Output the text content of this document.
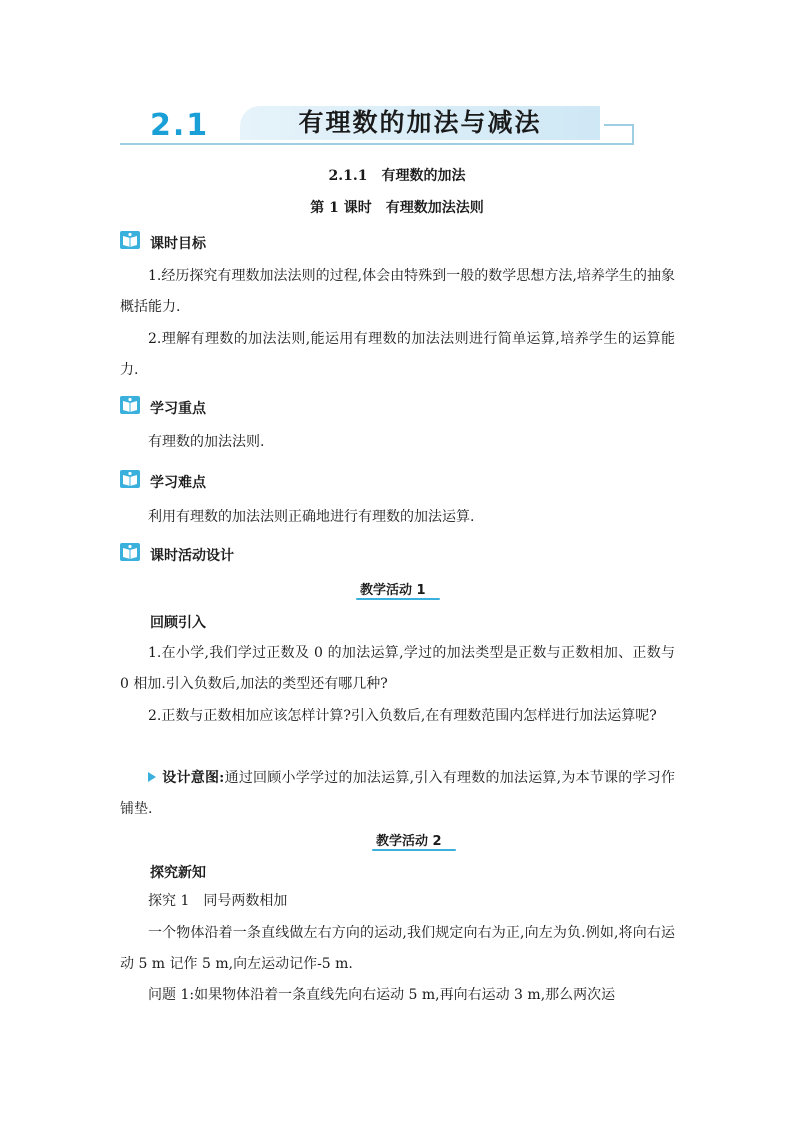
2.1	有理数的加法与减法
2.1.1　有理数的加法
第 1 课时　有理数加法法则
课时目标
1.经历探究有理数加法法则的过程,体会由特殊到一般的数学思想方法,培养学生的抽象概括能力.
2.理解有理数的加法法则,能运用有理数的加法法则进行简单运算,培养学生的运算能力.
学习重点
有理数的加法法则.
学习难点
利用有理数的加法法则正确地进行有理数的加法运算.
课时活动设计
教学活动 1
回顾引入
1.在小学,我们学过正数及 0 的加法运算,学过的加法类型是正数与正数相加、正数与 0 相加.引入负数后,加法的类型还有哪几种?
2.正数与正数相加应该怎样计算?引入负数后,在有理数范围内怎样进行加法运算呢?
设计意图:通过回顾小学学过的加法运算,引入有理数的加法运算,为本节课的学习作铺垫.
教学活动 2
探究新知
探究 1　同号两数相加
一个物体沿着一条直线做左右方向的运动,我们规定向右为正,向左为负.例如,将向右运动 5 m 记作 5 m,向左运动记作-5 m.
问题 1:如果物体沿着一条直线先向右运动 5 m,再向右运动 3 m,那么两次运
